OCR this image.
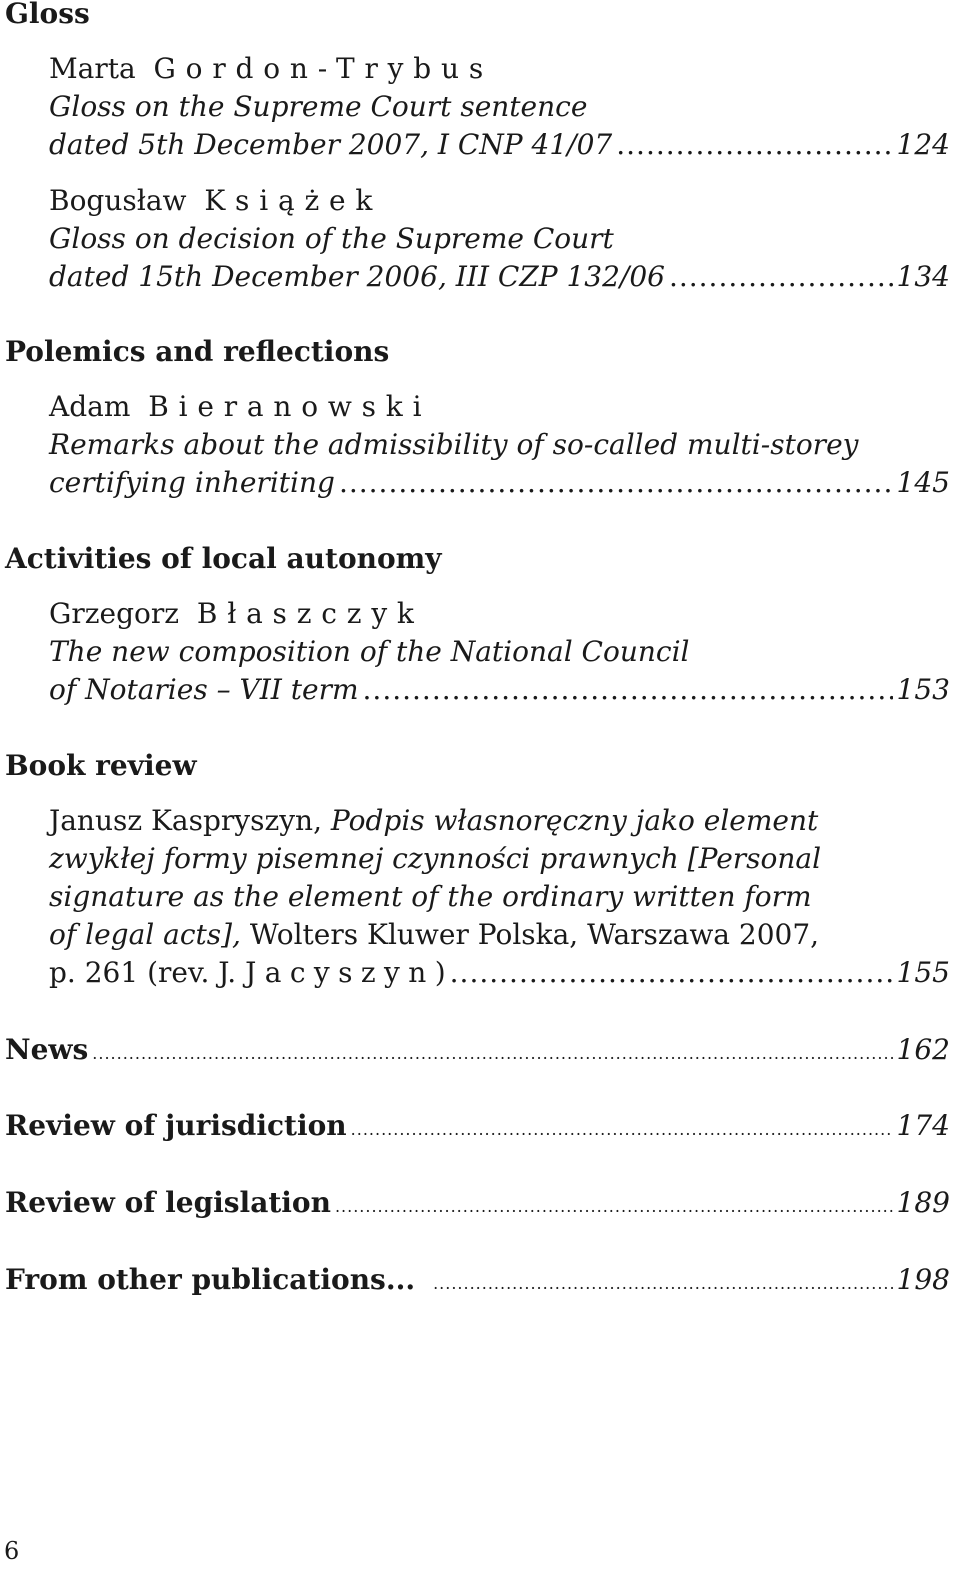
Gloss
Marta
Gordon-Trybus
Gloss on the Supreme Court sentence
dated 5th December 2007, I CNP 41/07 .....	124
Bogusław
Książek
Gloss on decision of the Supreme Court
dated 15th December 2006, III CZP 132/06 .....	134
Polemics and reflections
Adam
Bieranowski
Remarks about the admissibility of so-called multi-storey
certifying inheriting .....	145
Activities of local autonomy
Grzegorz
Błaszczyk
The new composition of the National Council
of Notaries – VII term .....	153
Book review
Janusz Kaspryszyn,
Podpis własnoręczny jako element
zwykłej formy pisemnej czynności prawnych [Personal
signature as the element of the ordinary written form
of legal acts],
Wolters Kluwer Polska, Warszawa 2007,
p. 261 (rev. J. Jacyszyn) .....	155
News .....	162
Review of jurisdiction .....	174
Review of legislation .....	189
From other publications... .....	198
6
